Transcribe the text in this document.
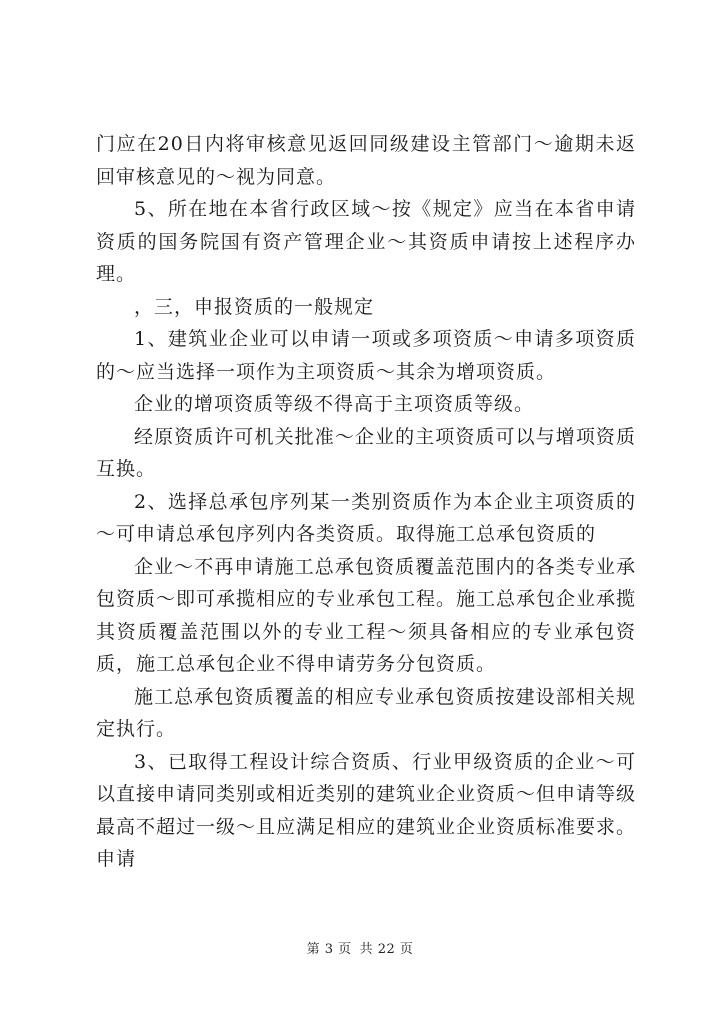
门应在20日内将审核意见返回同级建设主管部门～逾期未返回审核意见的～视为同意。

5、所在地在本省行政区域～按《规定》应当在本省申请资质的国务院国有资产管理企业～其资质申请按上述程序办理。

，三，申报资质的一般规定

1、建筑业企业可以申请一项或多项资质～申请多项资质的～应当选择一项作为主项资质～其余为增项资质。

企业的增项资质等级不得高于主项资质等级。

经原资质许可机关批准～企业的主项资质可以与增项资质互换。

2、选择总承包序列某一类别资质作为本企业主项资质的～可申请总承包序列内各类资质。取得施工总承包资质的

企业～不再申请施工总承包资质覆盖范围内的各类专业承包资质～即可承揽相应的专业承包工程。施工总承包企业承揽其资质覆盖范围以外的专业工程～须具备相应的专业承包资质，施工总承包企业不得申请劳务分包资质。

施工总承包资质覆盖的相应专业承包资质按建设部相关规定执行。

3、已取得工程设计综合资质、行业甲级资质的企业～可以直接申请同类别或相近类别的建筑业企业资质～但申请等级最高不超过一级～且应满足相应的建筑业企业资质标准要求。申请

第 3 页 共 22 页
